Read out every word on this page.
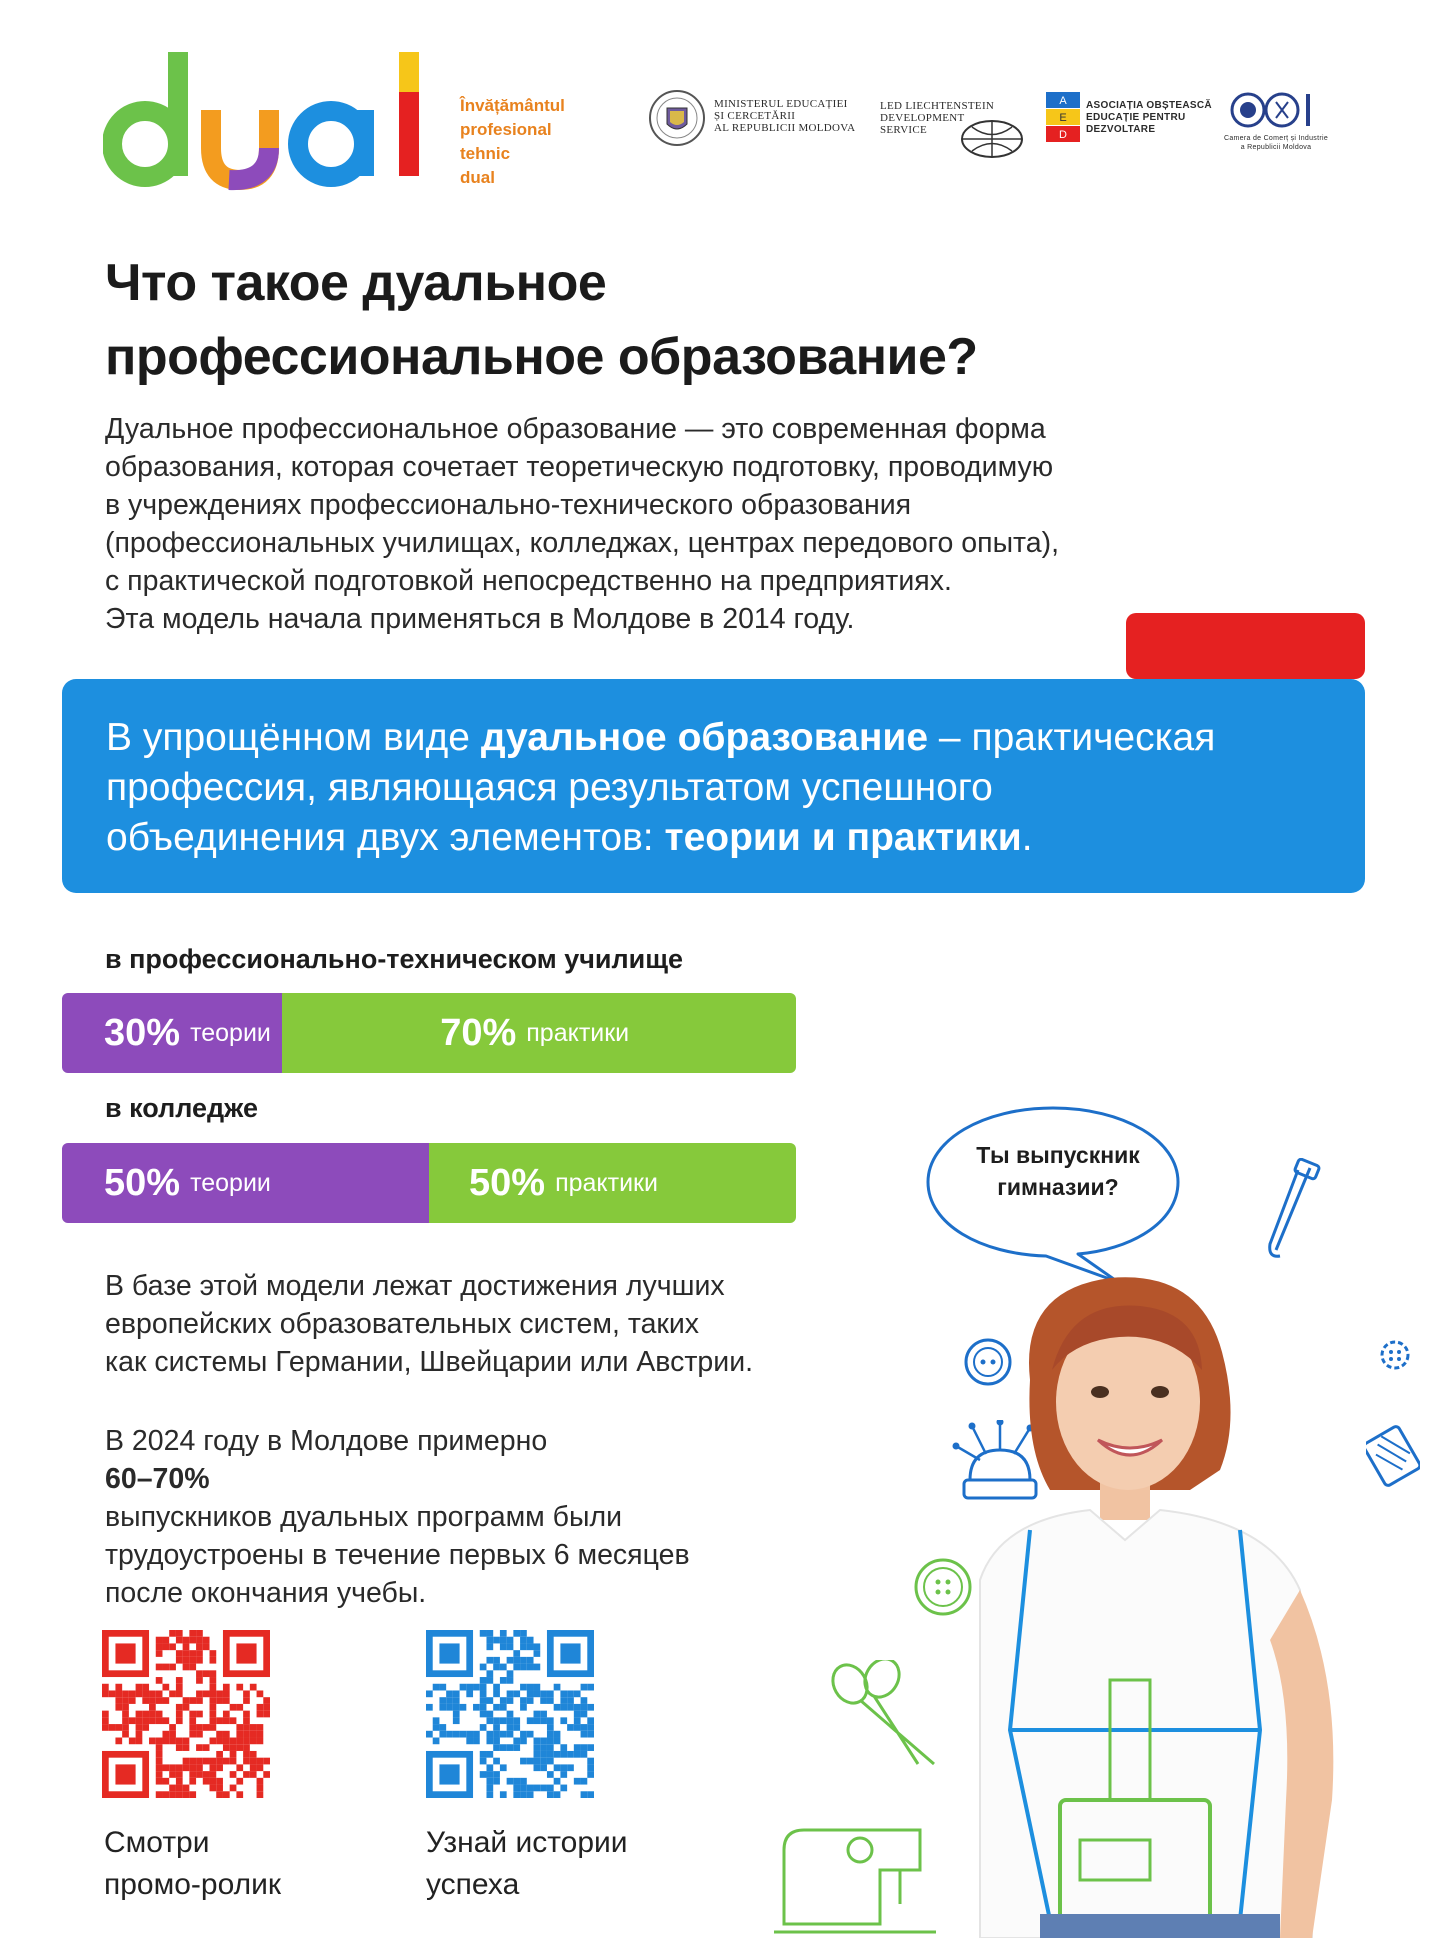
Învățământul
profesional
tehnic
dual

MINISTERUL EDUCAȚIEI
ȘI CERCETĂRII
AL REPUBLICII MOLDOVA
LED LIECHTENSTEIN
DEVELOPMENT
SERVICE
A
E
D
ASOCIAȚIA OBȘTEASCĂ
EDUCAȚIE PENTRU
DEZVOLTARE
Camera de Comerț și Industrie
a Republicii Moldova
Что такое дуальное
профессиональное образование?

Дуальное профессиональное образование — это современная форма
образования, которая сочетает теоретическую подготовку, проводимую
в учреждениях профессионально-технического образования
(профессиональных училищах, колледжах, центрах передового опыта),
с практической подготовкой непосредственно на предприятиях.
Эта модель начала применяться в Молдове в 2014 году.

В упрощённом виде дуальное образование – практическая
профессия, являющаяся результатом успешного
объединения двух элементов: теории и практики.

в профессионально-техническом училище

30% теории	70% практики

в колледже

50% теории	50% практики

В базе этой модели лежат достижения лучших
европейских образовательных систем, таких
как системы Германии, Швейцарии или Австрии.

В 2024 году в Молдове примерно
60–70%
выпускников дуальных программ были
трудоустроены в течение первых 6 месяцев
после окончания учебы.

Смотри
промо-ролик

Узнай истории
успеха

Ты выпускник
гимназии?
